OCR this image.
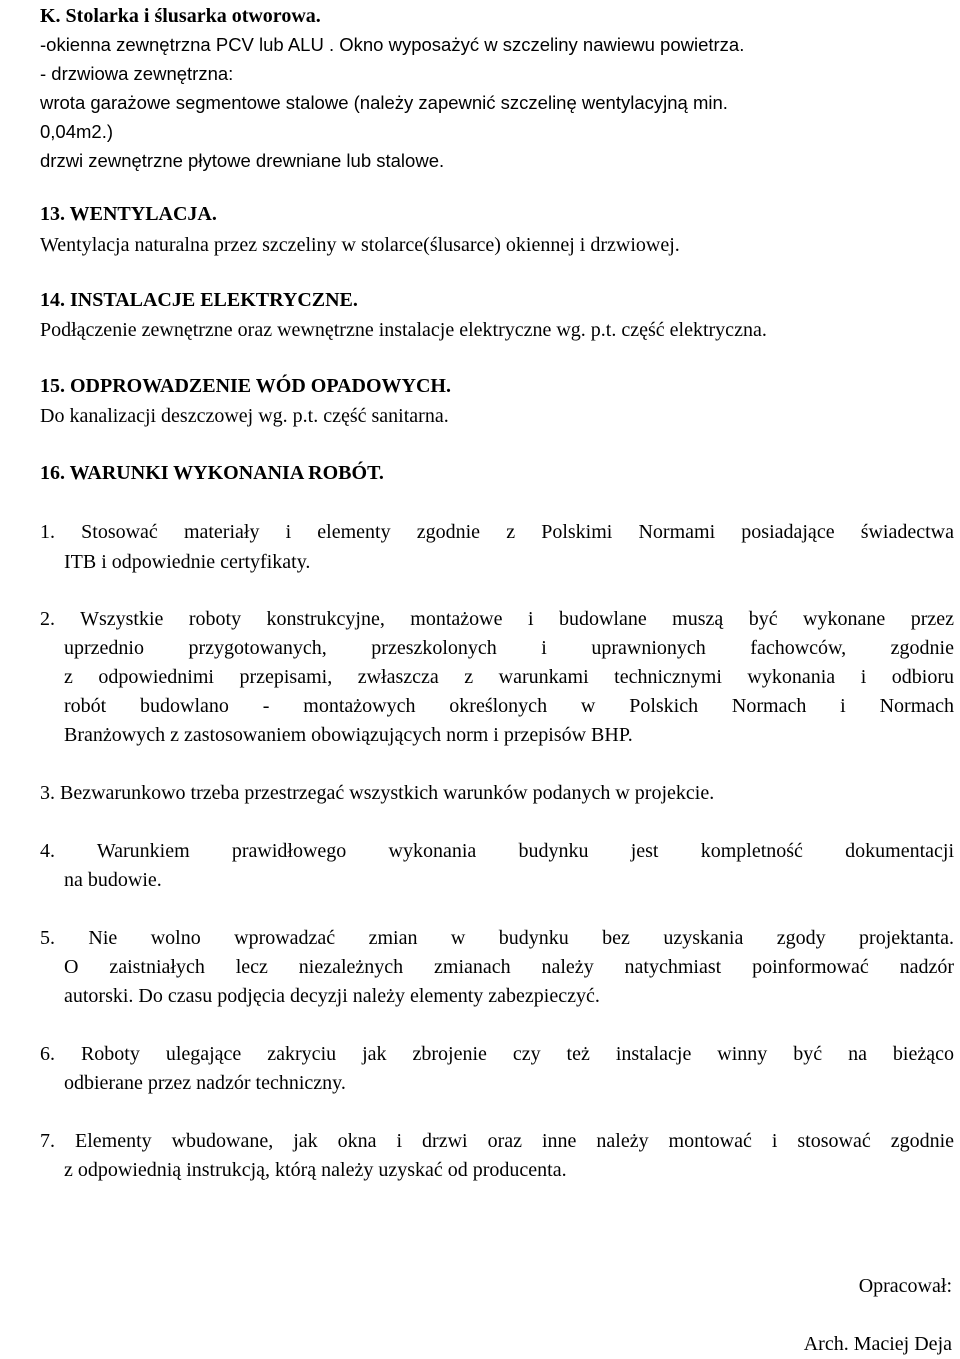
K. Stolarka i ślusarka otworowa.
-okienna zewnętrzna PCV lub ALU . Okno wyposażyć w szczeliny nawiewu powietrza.
- drzwiowa zewnętrzna:
wrota garażowe segmentowe stalowe (należy zapewnić szczelinę wentylacyjną min.
0,04m2.)
drzwi zewnętrzne płytowe drewniane lub stalowe.
13. WENTYLACJA.
Wentylacja naturalna przez szczeliny w stolarce(ślusarce) okiennej i drzwiowej.
14. INSTALACJE ELEKTRYCZNE.
Podłączenie zewnętrzne oraz wewnętrzne instalacje elektryczne wg. p.t. część elektryczna.
15. ODPROWADZENIE WÓD OPADOWYCH.
Do kanalizacji deszczowej wg. p.t. część sanitarna.
16. WARUNKI WYKONANIA ROBÓT.
1. Stosować materiały i elementy zgodnie z Polskimi Normami posiadające świadectwa
ITB i odpowiednie certyfikaty.
2. Wszystkie roboty konstrukcyjne, montażowe i budowlane muszą być wykonane przez
uprzednio przygotowanych, przeszkolonych i uprawnionych fachowców, zgodnie
z odpowiednimi przepisami, zwłaszcza z warunkami technicznymi wykonania i odbioru
robót budowlano - montażowych określonych w Polskich Normach i Normach
Branżowych z zastosowaniem obowiązujących norm i przepisów BHP.
3. Bezwarunkowo trzeba przestrzegać wszystkich warunków podanych w projekcie.
4. Warunkiem prawidłowego wykonania budynku jest kompletność dokumentacji
na budowie.
5. Nie wolno wprowadzać zmian w budynku bez uzyskania zgody projektanta.
O zaistniałych lecz niezależnych zmianach należy natychmiast poinformować nadzór
autorski. Do czasu podjęcia decyzji należy elementy zabezpieczyć.
6. Roboty ulegające zakryciu jak zbrojenie czy też instalacje winny być na bieżąco
odbierane przez nadzór techniczny.
7. Elementy wbudowane, jak okna i drzwi oraz inne należy montować i stosować zgodnie
z odpowiednią instrukcją, którą należy uzyskać od producenta.
Opracował:
Arch. Maciej Deja
